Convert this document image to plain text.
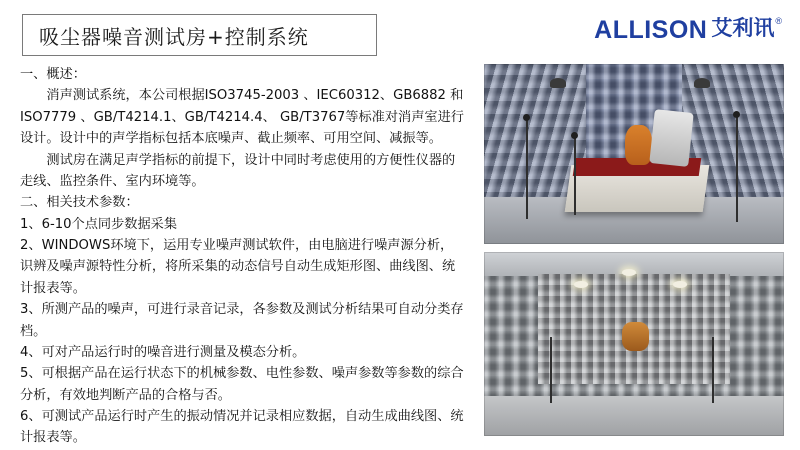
吸尘器噪音测试房+控制系统	ALLISON 艾利讯 ®

一、概述：

消声测试系统，本公司根据ISO3745-2003 、IEC60312、GB6882 和ISO7779 、GB/T4214.1、GB/T4214.4、 GB/T3767等标准对消声室进行设计。设计中的声学指标包括本底噪声、截止频率、可用空间、减振等。

测试房在满足声学指标的前提下，设计中同时考虑使用的方便性仪器的走线、监控条件、室内环境等。

二、相关技术参数：

1、6-10个点同步数据采集

2、WINDOWS环境下，运用专业噪声测试软件，由电脑进行噪声源分析，识辨及噪声源特性分析，将所采集的动态信号自动生成矩形图、曲线图、统计报表等。

3、所测产品的噪声，可进行录音记录，各参数及测试分析结果可自动分类存档。

4、可对产品运行时的噪音进行测量及模态分析。

5、可根据产品在运行状态下的机械参数、电性参数、噪声参数等参数的综合分析，有效地判断产品的合格与否。

6、可测试产品运行时产生的振动情况并记录相应数据，自动生成曲线图、统计报表等。
